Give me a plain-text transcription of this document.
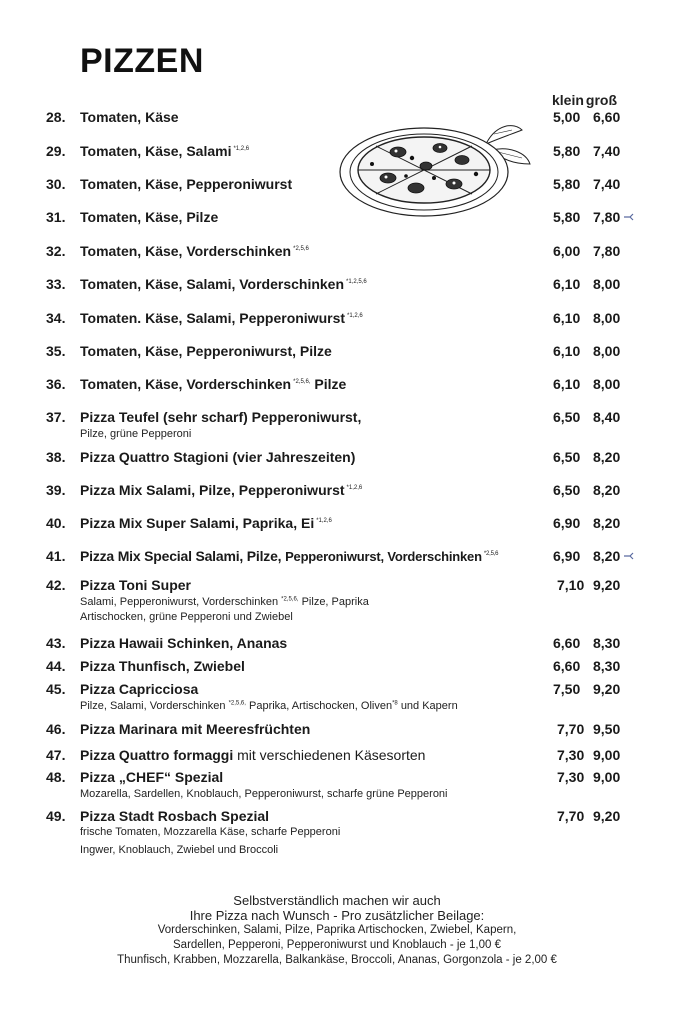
PIZZEN
klein groß
28. Tomaten, Käse	5,00 6,60
29. Tomaten, Käse, Salami $^{*1,2,6}$	5,80 7,40
30. Tomaten, Käse, Pepperoniwurst	5,80 7,40
31. Tomaten, Käse, Pilze	5,80 7,80
32. Tomaten, Käse, Vorderschinken $^{*2,5,6}$	6,00 7,80
33. Tomaten, Käse, Salami, Vorderschinken $^{*1,2,5,6}$	6,10 8,00
34. Tomaten. Käse, Salami, Pepperoniwurst $^{*1,2,6}$	6,10 8,00
35. Tomaten, Käse, Pepperoniwurst, Pilze	6,10 8,00
36. Tomaten, Käse, Vorderschinken $^{*2,5,6,}$ Pilze	6,10 8,00
37. Pizza Teufel (sehr scharf) Pepperoniwurst,
Pilze, grüne Pepperoni
6,50 8,40
38. Pizza Quattro Stagioni (vier Jahreszeiten)	6,50 8,20
39. Pizza Mix Salami, Pilze, Pepperoniwurst $^{*1,2,6}$	6,50 8,20
40. Pizza Mix Super Salami, Paprika, Ei $^{*1,2,6}$	6,90 8,20
41. Pizza Mix Special Salami, Pilze, Pepperoniwurst, Vorderschinken $^{*2,5,6}$	6,90 8,20
42. Pizza Toni Super
Salami, Pepperoniwurst, Vorderschinken $^{*2,5,6,}$ Pilze, Paprika
Artischocken, grüne Pepperoni und Zwiebel
7,10 9,20
43. Pizza Hawaii Schinken, Ananas	6,60 8,30
44. Pizza Thunfisch, Zwiebel	6,60 8,30
45. Pizza Capricciosa
Pilze, Salami, Vorderschinken $^{*2,5,6,}$ Paprika, Artischocken, Oliven$^{*8}$ und Kapern
7,50 9,20
46. Pizza Marinara mit Meeresfrüchten	7,70 9,50
47. Pizza Quattro formaggi mit verschiedenen Käsesorten	7,30 9,00
48. Pizza „CHEF“ Spezial
Mozarella, Sardellen, Knoblauch, Pepperoniwurst, scharfe grüne Pepperoni
7,30 9,00
49. Pizza Stadt Rosbach Spezial
frische Tomaten, Mozzarella Käse, scharfe Pepperoni
Ingwer, Knoblauch, Zwiebel und Broccoli
7,70 9,20
Selbstverständlich machen wir auch
Ihre Pizza nach Wunsch - Pro zusätzlicher Beilage:
Vorderschinken, Salami, Pilze, Paprika Artischocken, Zwiebel, Kapern,
Sardellen, Pepperoni, Pepperoniwurst und Knoblauch - je 1,00 €
Thunfisch, Krabben, Mozzarella, Balkankäse, Broccoli, Ananas, Gorgonzola - je 2,00 €
